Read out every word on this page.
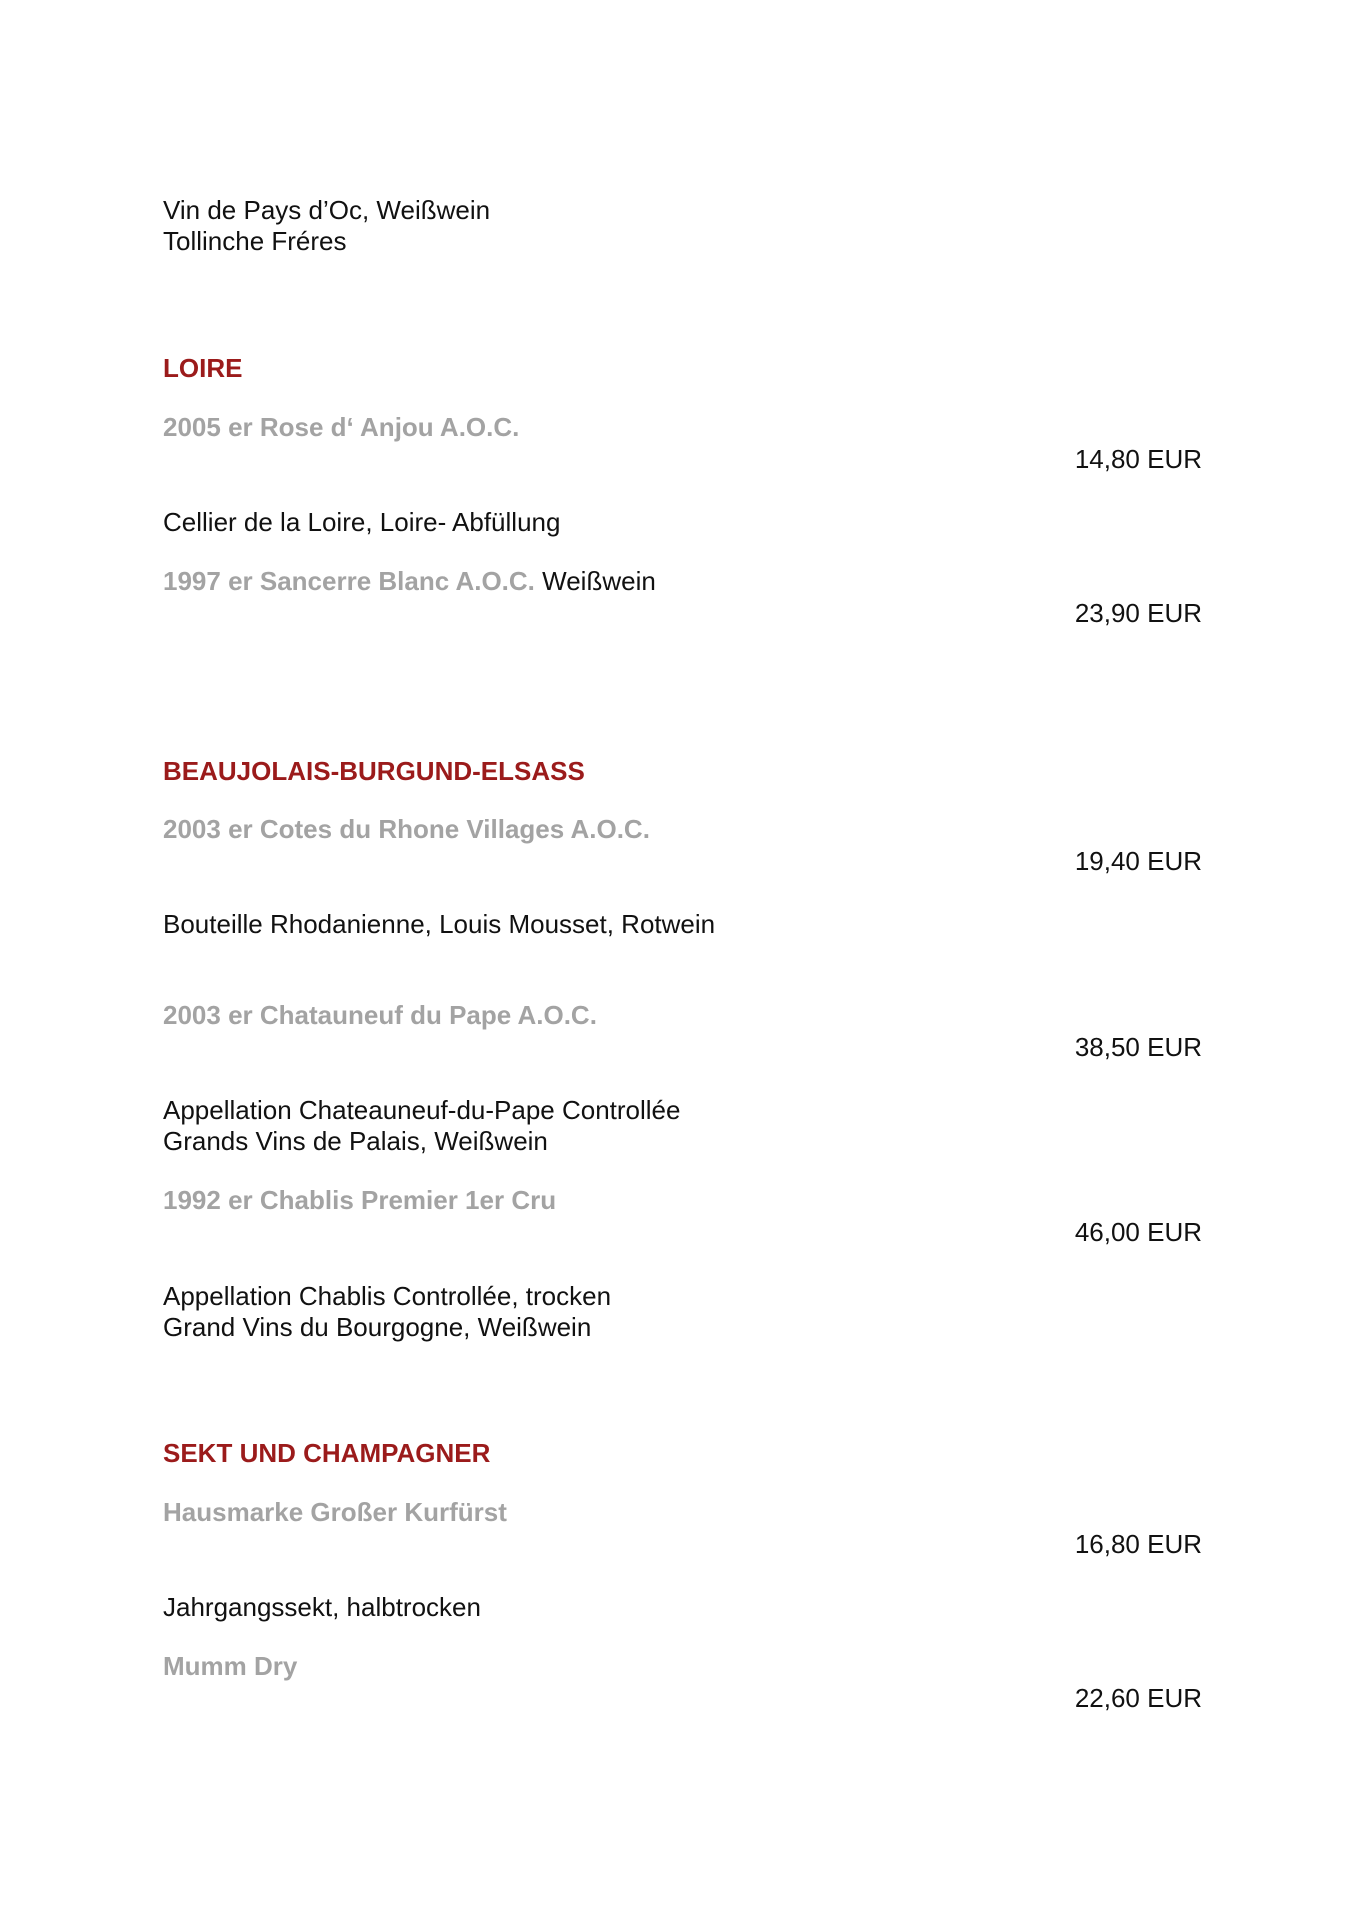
Vin de Pays d’Oc, Weißwein
Tollinche Fréres
LOIRE
2005 er Rose d‘ Anjou A.O.C.
14,80 EUR
Cellier de la Loire, Loire- Abfüllung
1997 er Sancerre Blanc A.O.C. Weißwein
23,90 EUR
BEAUJOLAIS-BURGUND-ELSASS
2003 er Cotes du Rhone Villages A.O.C.
19,40 EUR
Bouteille Rhodanienne, Louis Mousset, Rotwein
2003 er Chatauneuf du Pape A.O.C.
38,50 EUR
Appellation Chateauneuf-du-Pape Controllée
Grands Vins de Palais, Weißwein
1992 er Chablis Premier 1er Cru
46,00 EUR
Appellation Chablis Controllée, trocken
Grand Vins du Bourgogne, Weißwein
SEKT UND CHAMPAGNER
Hausmarke Großer Kurfürst
16,80 EUR
Jahrgangssekt, halbtrocken
Mumm Dry
22,60 EUR
